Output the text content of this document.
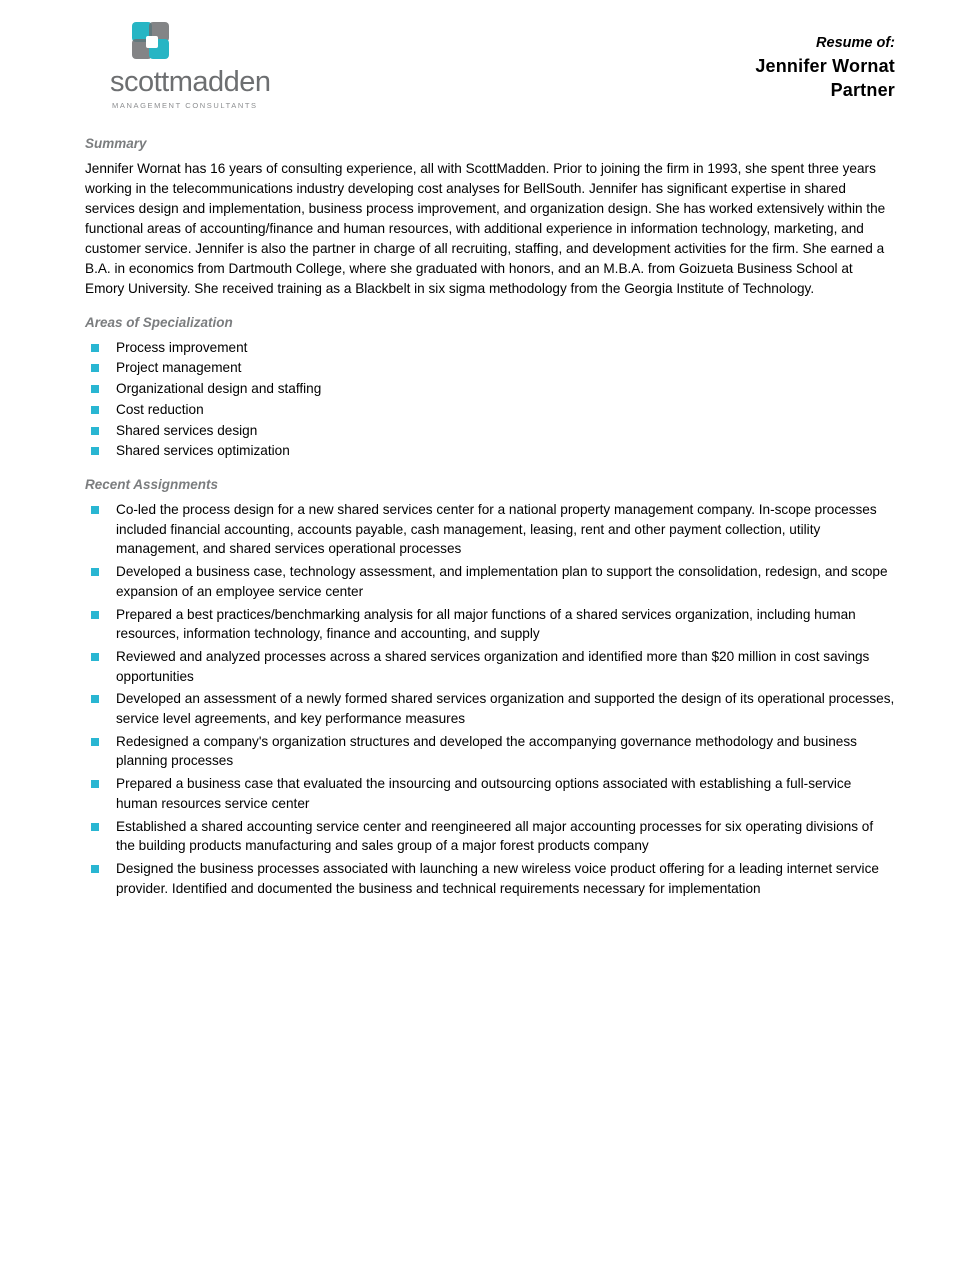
scottmadden
MANAGEMENT CONSULTANTS
Resume of:
Jennifer Wornat
Partner
Summary

Jennifer Wornat has 16 years of consulting experience, all with ScottMadden. Prior to joining the firm in 1993, she spent three years working in the telecommunications industry developing cost analyses for BellSouth. Jennifer has significant expertise in shared services design and implementation, business process improvement, and organization design. She has worked extensively within the functional areas of accounting/finance and human resources, with additional experience in information technology, marketing, and customer service. Jennifer is also the partner in charge of all recruiting, staffing, and development activities for the firm. She earned a B.A. in economics from Dartmouth College, where she graduated with honors, and an M.B.A. from Goizueta Business School at Emory University. She received training as a Blackbelt in six sigma methodology from the Georgia Institute of Technology.

Areas of Specialization
Process improvement
Project management
Organizational design and staffing
Cost reduction
Shared services design
Shared services optimization
Recent Assignments
Co-led the process design for a new shared services center for a national property management company. In-scope processes included financial accounting, accounts payable, cash management, leasing, rent and other payment collection, utility management, and shared services operational processes
Developed a business case, technology assessment, and implementation plan to support the consolidation, redesign, and scope expansion of an employee service center
Prepared a best practices/benchmarking analysis for all major functions of a shared services organization, including human resources, information technology, finance and accounting, and supply
Reviewed and analyzed processes across a shared services organization and identified more than $20 million in cost savings opportunities
Developed an assessment of a newly formed shared services organization and supported the design of its operational processes, service level agreements, and key performance measures
Redesigned a company's organization structures and developed the accompanying governance methodology and business planning processes
Prepared a business case that evaluated the insourcing and outsourcing options associated with establishing a full-service human resources service center
Established a shared accounting service center and reengineered all major accounting processes for six operating divisions of the building products manufacturing and sales group of a major forest products company
Designed the business processes associated with launching a new wireless voice product offering for a leading internet service provider. Identified and documented the business and technical requirements necessary for implementation
